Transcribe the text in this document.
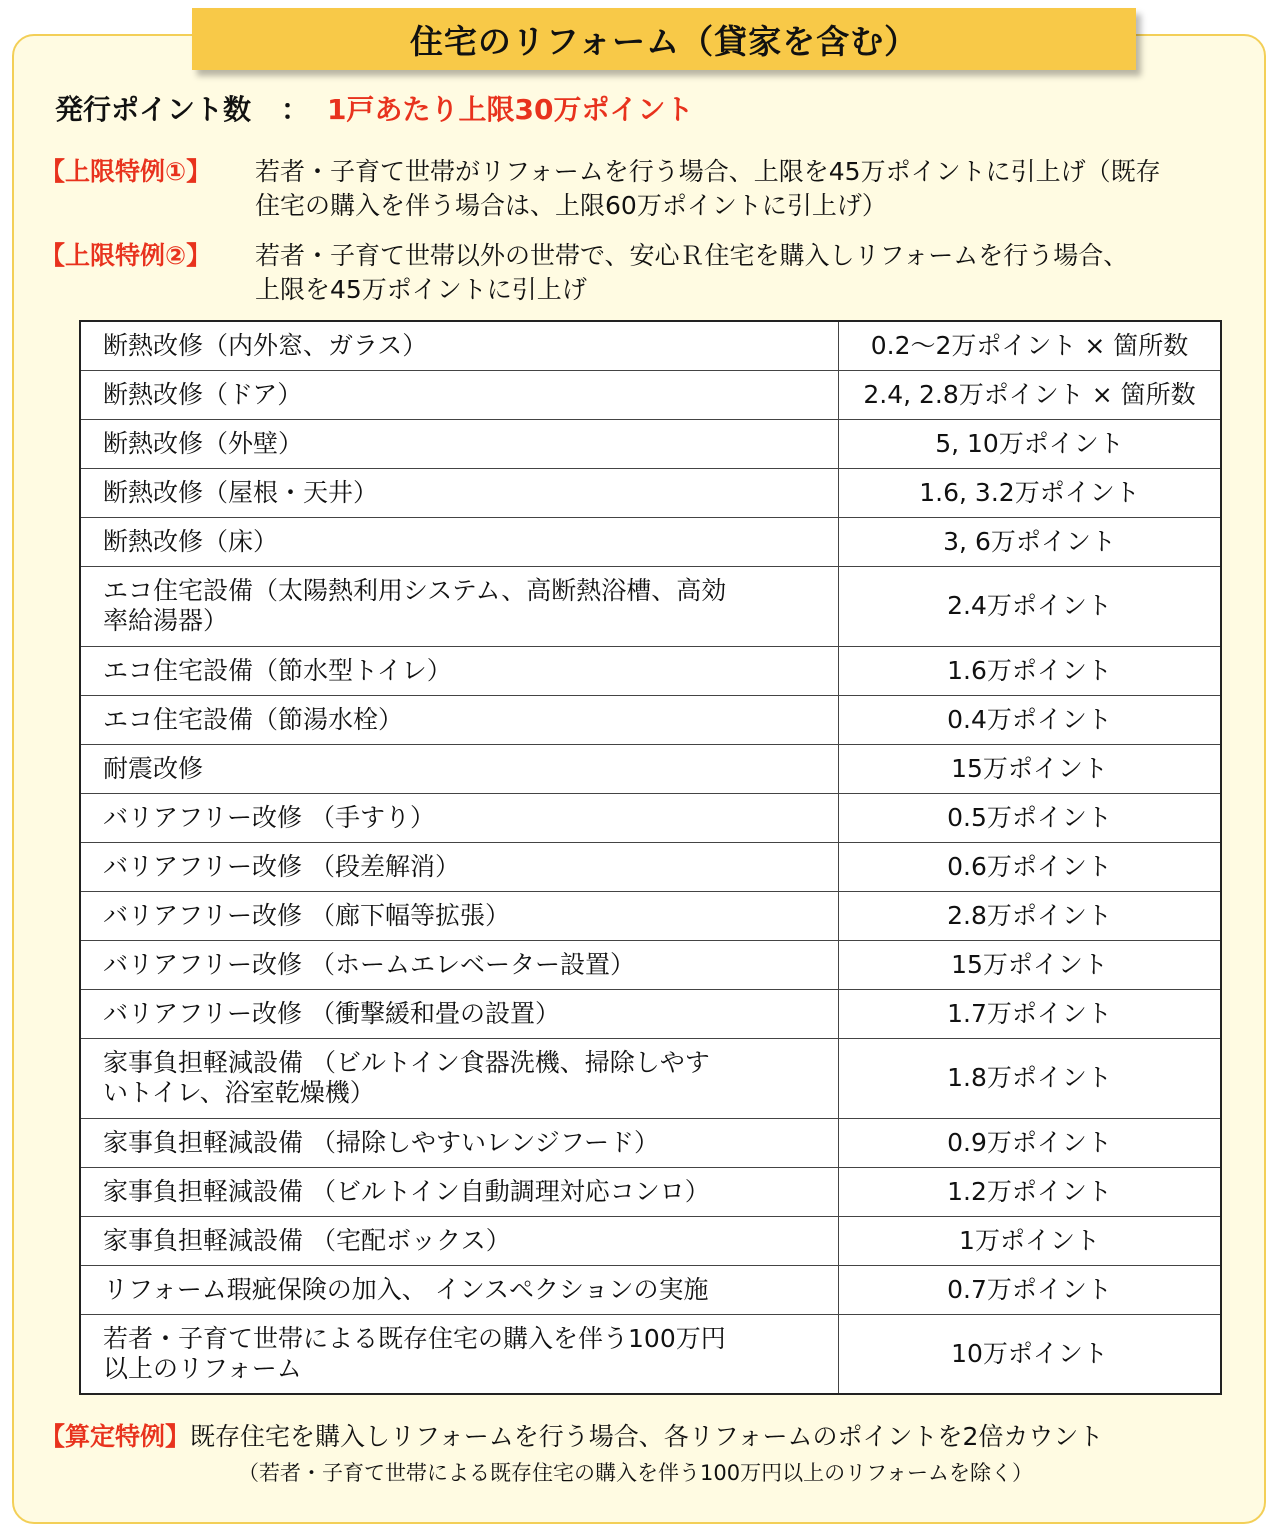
住宅のリフォーム（貸家を含む）
発行ポイント数 ： 1戸あたり上限30万ポイント
【上限特例①】 若者・子育て世帯がリフォームを行う場合、上限を45万ポイントに引上げ（既存
住宅の購入を伴う場合は、上限60万ポイントに引上げ）
【上限特例②】 若者・子育て世帯以外の世帯で、安心Ｒ住宅を購入しリフォームを行う場合、
上限を45万ポイントに引上げ
断熱改修（内外窓、ガラス）	0.2～2万ポイント × 箇所数
断熱改修（ドア）	2.4, 2.8万ポイント × 箇所数
断熱改修（外壁）	5, 10万ポイント
断熱改修（屋根・天井）	1.6, 3.2万ポイント
断熱改修（床）	3, 6万ポイント

エコ住宅設備（太陽熱利用システム、高断熱浴槽、高効
率給湯器）	2.4万ポイント
エコ住宅設備（節水型トイレ）	1.6万ポイント
エコ住宅設備（節湯水栓）	0.4万ポイント
耐震改修	15万ポイント
バリアフリー改修 （手すり）	0.5万ポイント
バリアフリー改修 （段差解消）	0.6万ポイント
バリアフリー改修 （廊下幅等拡張）	2.8万ポイント
バリアフリー改修 （ホームエレベーター設置）	15万ポイント
バリアフリー改修 （衝撃緩和畳の設置）	1.7万ポイント

家事負担軽減設備 （ビルトイン食器洗機、掃除しやす
いトイレ、浴室乾燥機）	1.8万ポイント
家事負担軽減設備 （掃除しやすいレンジフード）	0.9万ポイント
家事負担軽減設備 （ビルトイン自動調理対応コンロ）	1.2万ポイント
家事負担軽減設備 （宅配ボックス）	1万ポイント
リフォーム瑕疵保険の加入、 インスペクションの実施	0.7万ポイント

若者・子育て世帯による既存住宅の購入を伴う100万円
以上のリフォーム	10万ポイント
【算定特例】既存住宅を購入しリフォームを行う場合、各リフォームのポイントを2倍カウント
（若者・子育て世帯による既存住宅の購入を伴う100万円以上のリフォームを除く）
